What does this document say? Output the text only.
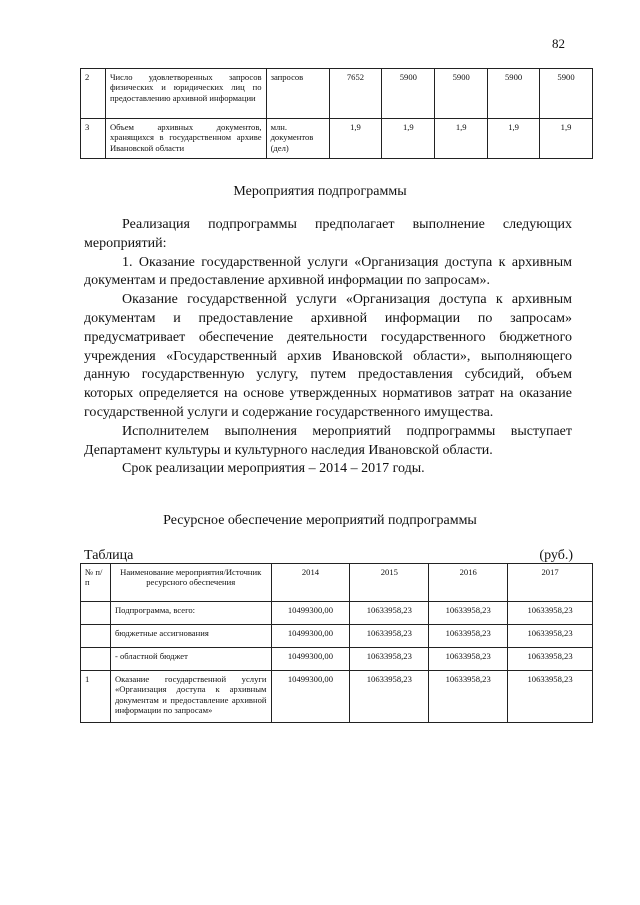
82
2	Число удовлетворенных запросов физических и юридических лиц по предоставлению архивной информации	запросов	7652	5900	5900	5900	5900
3	Объем архивных документов, хранящихся в государственном архиве Ивановской области	млн. документов (дел)	1,9	1,9	1,9	1,9	1,9
Мероприятия подпрограммы

Реализация подпрограммы предполагает выполнение следующих мероприятий:

1. Оказание государственной услуги «Организация доступа к архивным документам и предоставление архивной информации по запросам».

Оказание государственной услуги «Организация доступа к архивным документам и предоставление архивной информации по запросам» предусматривает обеспечение деятельности государственного бюджетного учреждения «Государственный архив Ивановской области», выполняющего данную государственную услугу, путем предоставления субсидий, объем которых определяется на основе утвержденных нормативов затрат на оказание государственной услуги и содержание государственного имущества.

Исполнителем выполнения мероприятий подпрограммы выступает Департамент культуры и культурного наследия Ивановской области.

Срок реализации мероприятия – 2014 – 2017 годы.

Ресурсное обеспечение мероприятий подпрограммы
Таблица	(руб.)
№ п/п	Наименование мероприятия/Источник ресурсного обеспечения	2014	2015	2016	2017
	Подпрограмма, всего:	10499300,00	10633958,23	10633958,23	10633958,23
	бюджетные ассигнования	10499300,00	10633958,23	10633958,23	10633958,23
	- областной бюджет	10499300,00	10633958,23	10633958,23	10633958,23
1	Оказание государственной услуги «Организация доступа к архивным документам и предоставление архивной информации по запросам»	10499300,00	10633958,23	10633958,23	10633958,23
